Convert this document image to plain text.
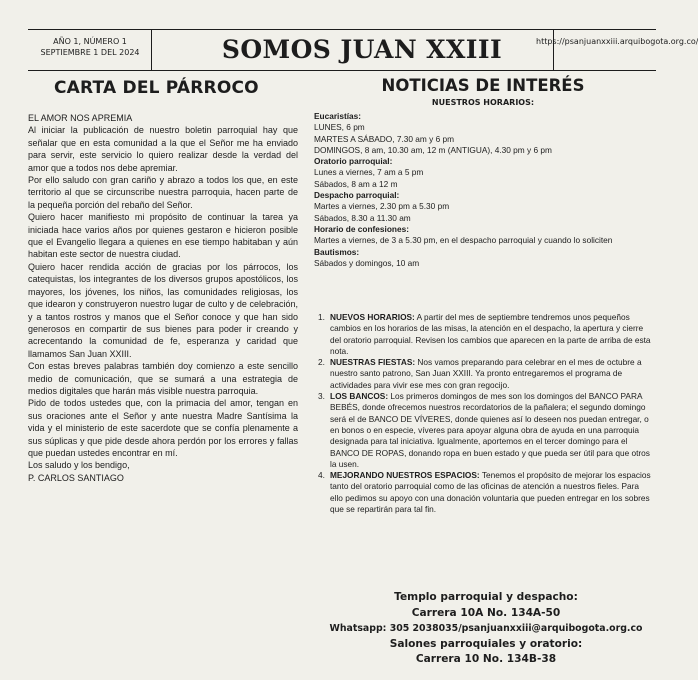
AÑO 1, NÚMERO 1
SEPTIEMBRE 1 DEL 2024	SOMOS JUAN XXIII	https://psanjuanxxiii.arquibogota.org.co/
CARTA DEL PÁRROCO

EL AMOR NOS APREMIA

Al iniciar la publicación de nuestro boletin parroquial hay que señalar que en esta comunidad a la que el Señor me ha enviado para servir, este servicio lo quiero realizar desde la verdad del amor que a todos nos debe apremiar.

Por ello saludo con gran cariño y abrazo a todos los que, en este territorio al que se circunscribe nuestra parroquia, hacen parte de la pequeña porción del rebaño del Señor.

Quiero hacer manifiesto mi propósito de continuar la tarea ya iniciada hace varios años por quienes gestaron e hicieron posible que el Evangelio llegara a quienes en ese tiempo habitaban y aún habitan este sector de nuestra ciudad.

Quiero hacer rendida acción de gracias por los párrocos, los catequistas, los integrantes de los diversos grupos apostólicos, los mayores, los jóvenes, los niños, las comunidades religiosas, los que idearon y construyeron nuestro lugar de culto y de celebración, y a tantos rostros y manos que el Señor conoce y que han sido generosos en compartir de sus bienes para poder ir creando y acrecentando la comunidad de fe, esperanza y caridad que llamamos San Juan XXIII.

Con estas breves palabras también doy comienzo a este sencillo medio de comunicación, que se sumará a una estrategia de medios digitales que harán más visible nuestra parroquia.

Pido de todos ustedes que, con la primacia del amor, tengan en sus oraciones ante el Señor y ante nuestra Madre Santísima la vida y el ministerio de este sacerdote que se confía plenamente a sus súplicas y que pide desde ahora perdón por los errores y fallas que puedan ustedes encontrar en mí.

Los saludo y los bendigo,

P. CARLOS SANTIAGO

NOTICIAS DE INTERÉS
NUESTROS HORARIOS:
Eucaristías:
LUNES, 6 pm
MARTES A SÁBADO, 7.30 am y 6 pm
DOMINGOS, 8 am, 10.30 am, 12 m (ANTIGUA), 4.30 pm y 6 pm
Oratorio parroquial:
Lunes a viernes, 7 am a 5 pm
Sábados, 8 am a 12 m
Despacho parroquial:
Martes a viernes, 2.30 pm a 5.30 pm
Sábados, 8.30 a 11.30 am
Horario de confesiones:
Martes a viernes, de 3 a 5.30 pm, en el despacho parroquial y cuando lo soliciten
Bautismos:
Sábados y domingos, 10 am
1. NUEVOS HORARIOS: A partir del mes de septiembre tendremos unos pequeños cambios en los horarios de las misas, la atención en el despacho, la apertura y cierre del oratorio parroquial. Revisen los cambios que aparecen en la parte de arriba de esta nota.
2. NUESTRAS FIESTAS: Nos vamos preparando para celebrar en el mes de octubre a nuestro santo patrono, San Juan XXIII. Ya pronto entregaremos el programa de actividades para vivir ese mes con gran regocijo.
3. LOS BANCOS: Los primeros domingos de mes son los domingos del BANCO PARA BEBÉS, donde ofrecemos nuestros recordatorios de la pañalera; el segundo domingo será el de BANCO DE VÍVERES, donde quienes así lo deseen nos puedan entregar, o en bonos o en especie, víveres para apoyar alguna obra de ayuda en una parroquia designada para tal iniciativa. Igualmente, aportemos en el tercer domingo para el BANCO DE ROPAS, donando ropa en buen estado y que pueda ser útil para que otros la usen.
4. MEJORANDO NUESTROS ESPACIOS: Tenemos el propósito de mejorar los espacios tanto del oratorio parroquial como de las oficinas de atención a nuestros fieles. Para ello pedimos su apoyo con una donación voluntaria que pueden entregar en los sobres que se repartirán para tal fin.
Templo parroquial y despacho:
Carrera 10A No. 134A-50
Whatsapp: 305 2038035/psanjuanxxiii@arquibogota.org.co
Salones parroquiales y oratorio:
Carrera 10 No. 134B-38
